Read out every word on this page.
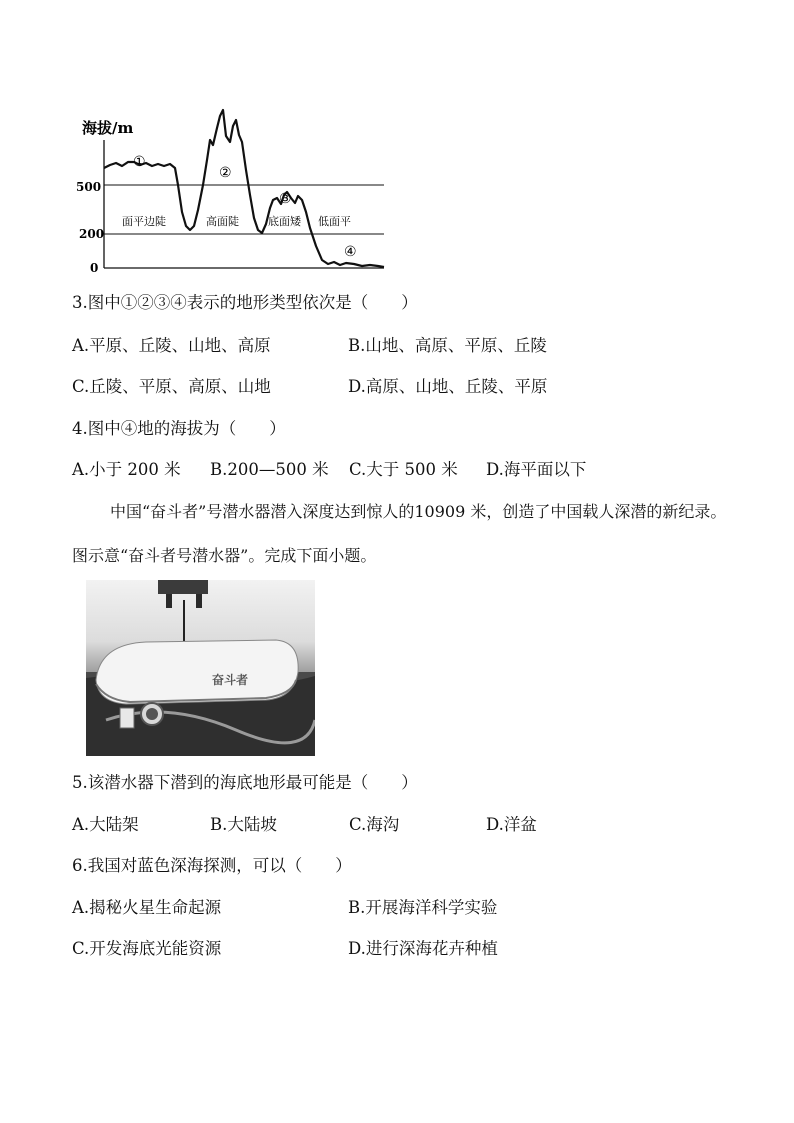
海拔/m
500
200
0
①
②
③
④
面平边陡	高面陡	底面矮 低面平
3.图中①②③④表示的地形类型依次是（　　）
A.平原、丘陵、山地、高原	B.山地、高原、平原、丘陵
C.丘陵、平原、高原、山地	D.高原、山地、丘陵、平原
4.图中④地的海拔为（　　）
A.小于 200 米 B.200—500 米 C.大于 500 米 D.海平面以下
中国“奋斗者”号潜水器潜入深度达到惊人的10909 米，创造了中国载人深潜的新纪录。图示意“奋斗者号潜水器”。完成下面小题。
奋斗者
5.该潜水器下潜到的海底地形最可能是（　　）
A.大陆架	B.大陆坡	C.海沟	D.洋盆
6.我国对蓝色深海探测，可以（　　）
A.揭秘火星生命起源	B.开展海洋科学实验
C.开发海底光能资源	D.进行深海花卉种植
